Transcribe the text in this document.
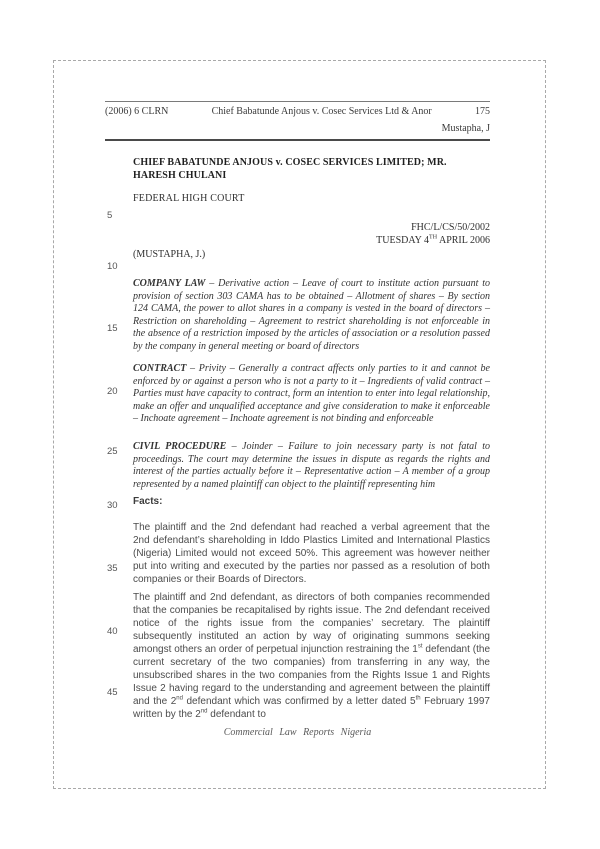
(2006) 6 CLRN	Chief Babatunde Anjous v. Cosec Services Ltd & Anor	175
Mustapha, J
5
10
15
20
25
30
35
40
45
CHIEF BABATUNDE ANJOUS v. COSEC SERVICES LIMITED; MR. HARESH CHULANI
FEDERAL HIGH COURT
FHC/L/CS/50/2002
TUESDAY 4TH APRIL 2006
(MUSTAPHA, J.)

COMPANY LAW – Derivative action – Leave of court to institute action pursuant to provision of section 303 CAMA has to be obtained – Allotment of shares – By section 124 CAMA, the power to allot shares in a company is vested in the board of directors – Restriction on shareholding – Agreement to restrict shareholding is not enforceable in the absence of a restriction imposed by the articles of association or a resolution passed by the company in general meeting or board of directors

CONTRACT – Privity – Generally a contract affects only parties to it and cannot be enforced by or against a person who is not a party to it – Ingredients of valid contract – Parties must have capacity to contract, form an intention to enter into legal relationship, make an offer and unqualified acceptance and give consideration to make it enforceable – Inchoate agreement – Inchoate agreement is not binding and enforceable

CIVIL PROCEDURE – Joinder – Failure to join necessary party is not fatal to proceedings. The court may determine the issues in dispute as regards the rights and interest of the parties actually before it – Representative action – A member of a group represented by a named plaintiff can object to the plaintiff representing him

Facts:

The plaintiff and the 2nd defendant had reached a verbal agreement that the 2nd defendant’s shareholding in Iddo Plastics Limited and International Plastics (Nigeria) Limited would not exceed 50%. This agreement was however neither put into writing and executed by the parties nor passed as a resolution of both companies or their Boards of Directors.

The plaintiff and 2nd defendant, as directors of both companies recommended that the companies be recapitalised by rights issue. The 2nd defendant received notice of the rights issue from the companies’ secretary. The plaintiff subsequently instituted an action by way of originating summons seeking amongst others an order of perpetual injunction restraining the 1st defendant (the current secretary of the two companies) from transferring in any way, the unsubscribed shares in the two companies from the Rights Issue 1 and Rights Issue 2 having regard to the understanding and agreement between the plaintiff and the 2nd defendant which was confirmed by a letter dated 5th February 1997 written by the 2nd defendant to

Commercial Law Reports Nigeria
